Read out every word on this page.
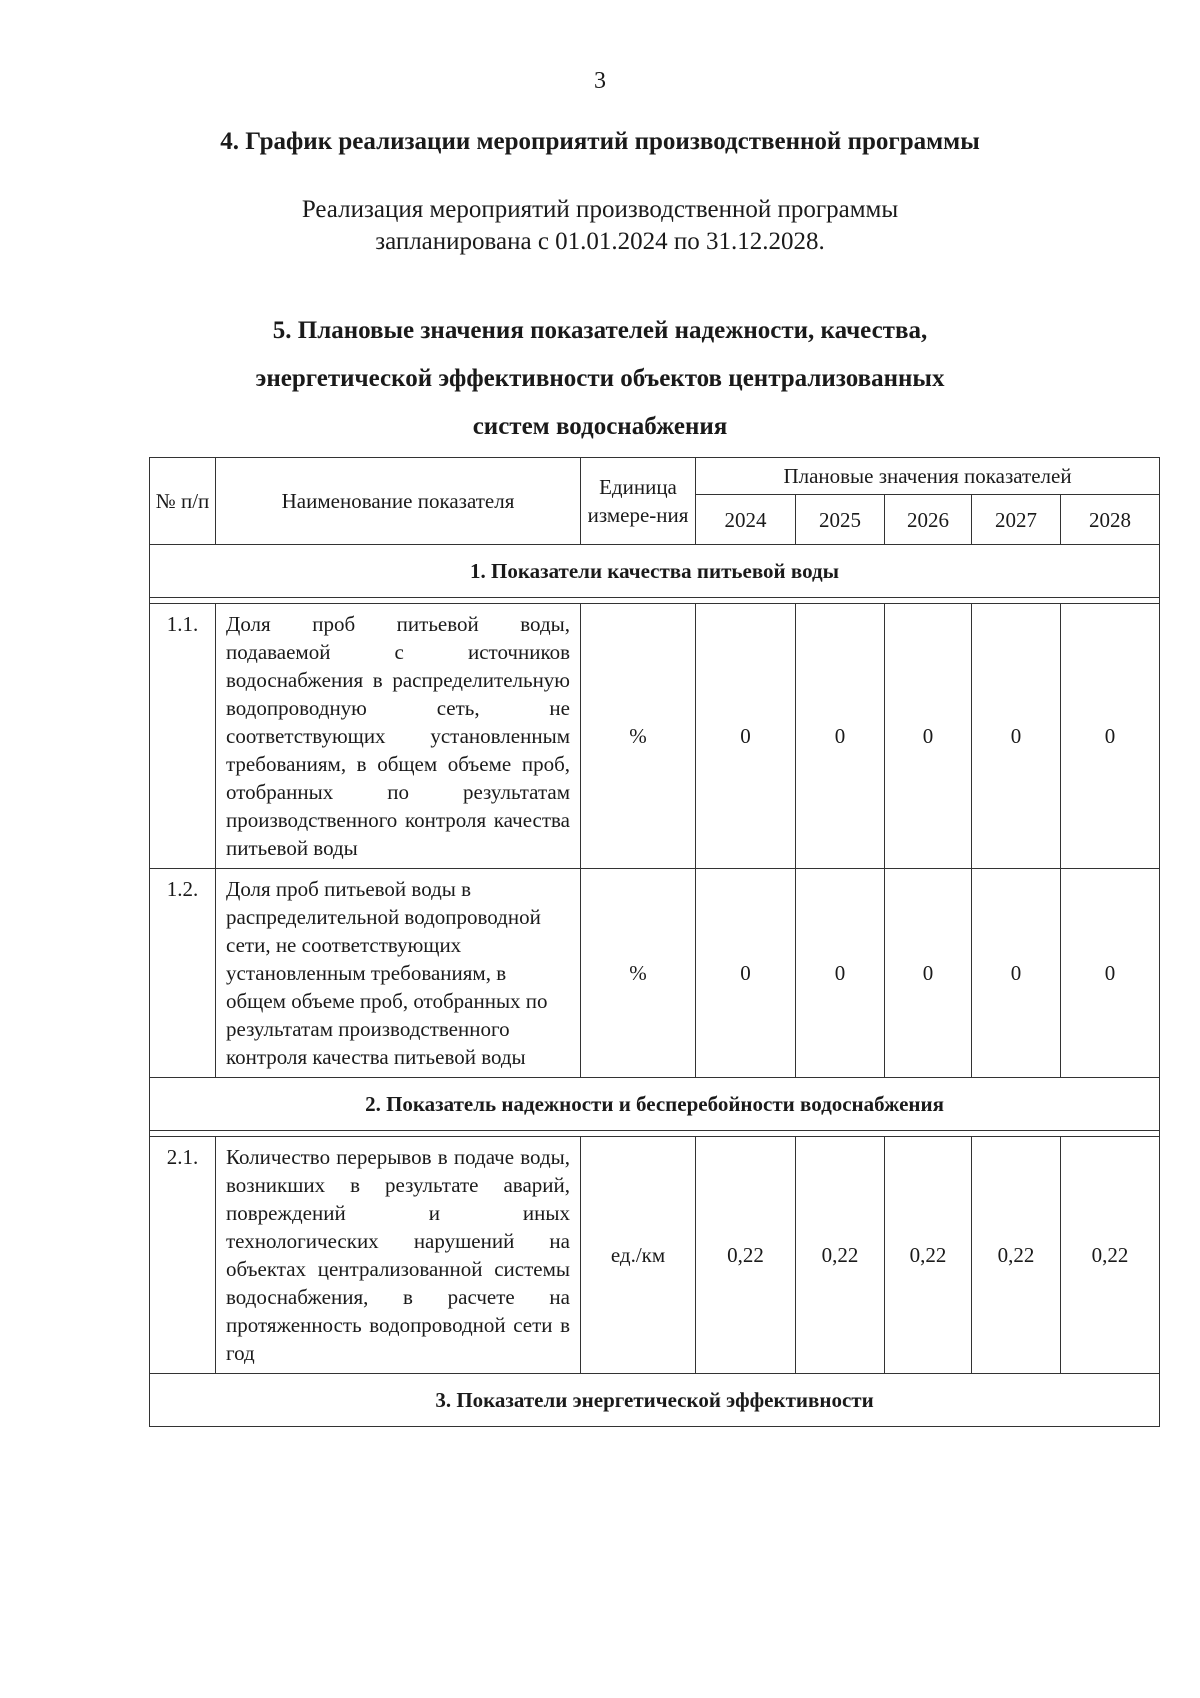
3
4. График реализации мероприятий производственной программы
Реализация мероприятий производственной программы
запланирована с 01.01.2024 по 31.12.2028.
5. Плановые значения показателей надежности, качества,
энергетической эффективности объектов централизованных
систем водоснабжения
№ п/п	Наименование показателя	Единица измере-ния	Плановые значения показателей				
			2024	2025	2026	2027	2028
1. Показатели качества питьевой воды							

1.1.	Доля проб питьевой воды, подаваемой с источников водоснабжения в распределительную водопроводную сеть, не соответствующих установленным требованиям, в общем объеме проб, отобранных по результатам производственного контроля качества питьевой воды	%	0	0	0	0	0
1.2.	Доля проб питьевой воды в распределительной водопроводной сети, не соответствующих установленным требованиям, в общем объеме проб, отобранных по результатам производственного контроля качества питьевой воды	%	0	0	0	0	0
2. Показатель надежности и бесперебойности водоснабжения							

2.1.	Количество перерывов в подаче воды, возникших в результате аварий, повреждений и иных технологических нарушений на объектах централизованной системы водоснабжения, в расчете на протяженность водопроводной сети в год	ед./км	0,22	0,22	0,22	0,22	0,22
3. Показатели энергетической эффективности							
